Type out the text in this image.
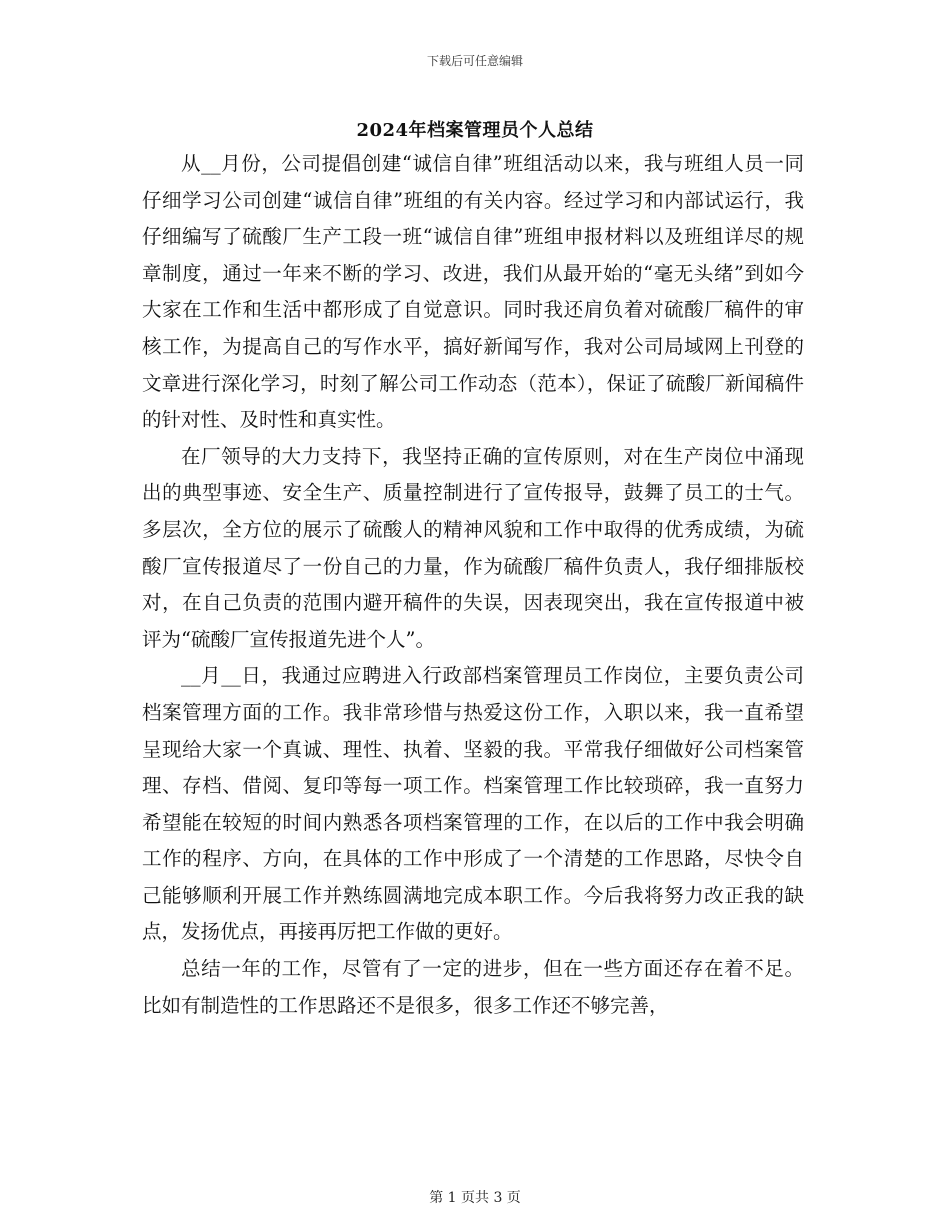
下载后可任意编辑
2024年档案管理员个人总结

从__月份，公司提倡创建“诚信自律”班组活动以来，我与班组人员一同仔细学习公司创建“诚信自律”班组的有关内容。经过学习和内部试运行，我仔细编写了硫酸厂生产工段一班“诚信自律”班组申报材料以及班组详尽的规章制度，通过一年来不断的学习、改进，我们从最开始的“毫无头绪”到如今大家在工作和生活中都形成了自觉意识。同时我还肩负着对硫酸厂稿件的审核工作，为提高自己的写作水平，搞好新闻写作，我对公司局域网上刊登的文章进行深化学习，时刻了解公司工作动态（范本），保证了硫酸厂新闻稿件的针对性、及时性和真实性。

在厂领导的大力支持下，我坚持正确的宣传原则，对在生产岗位中涌现出的典型事迹、安全生产、质量控制进行了宣传报导，鼓舞了员工的士气。多层次，全方位的展示了硫酸人的精神风貌和工作中取得的优秀成绩，为硫酸厂宣传报道尽了一份自己的力量，作为硫酸厂稿件负责人，我仔细排版校对，在自己负责的范围内避开稿件的失误，因表现突出，我在宣传报道中被评为“硫酸厂宣传报道先进个人”。

__月__日，我通过应聘进入行政部档案管理员工作岗位，主要负责公司档案管理方面的工作。我非常珍惜与热爱这份工作，入职以来，我一直希望呈现给大家一个真诚、理性、执着、坚毅的我。平常我仔细做好公司档案管理、存档、借阅、复印等每一项工作。档案管理工作比较琐碎，我一直努力希望能在较短的时间内熟悉各项档案管理的工作，在以后的工作中我会明确工作的程序、方向，在具体的工作中形成了一个清楚的工作思路，尽快令自己能够顺利开展工作并熟练圆满地完成本职工作。今后我将努力改正我的缺点，发扬优点，再接再厉把工作做的更好。

总结一年的工作，尽管有了一定的进步，但在一些方面还存在着不足。比如有制造性的工作思路还不是很多，很多工作还不够完善，

第 1 页共 3 页
